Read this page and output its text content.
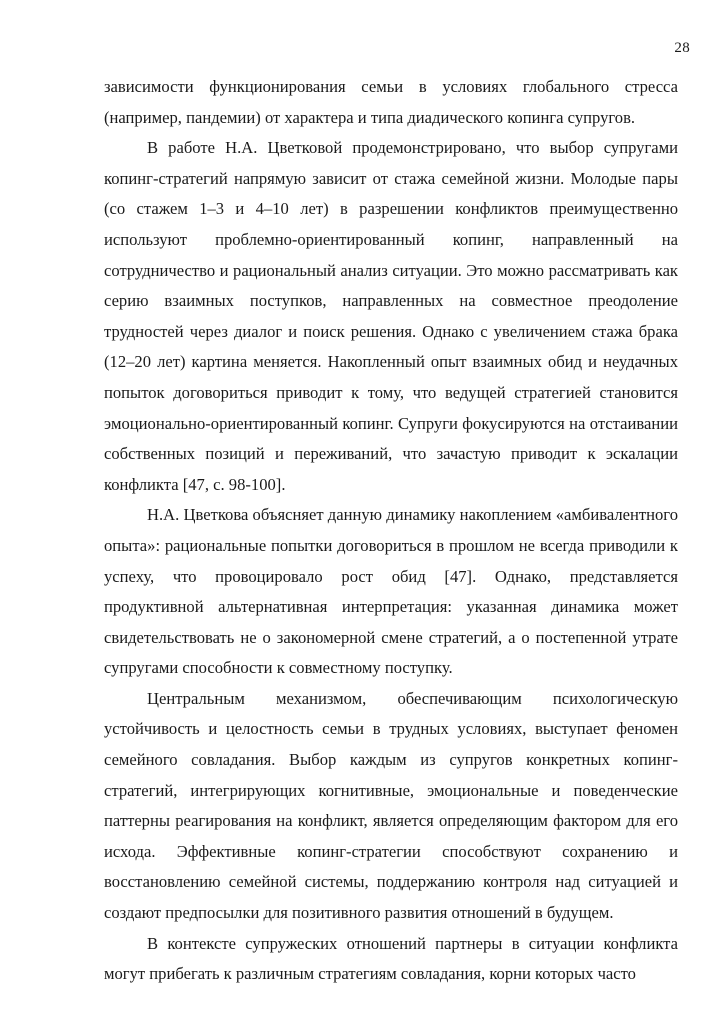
28

зависимости функционирования семьи в условиях глобального стресса (например, пандемии) от характера и типа диадического копинга супругов.

В работе Н.А. Цветковой продемонстрировано, что выбор супругами копинг-стратегий напрямую зависит от стажа семейной жизни. Молодые пары (со стажем 1–3 и 4–10 лет) в разрешении конфликтов преимущественно используют проблемно-ориентированный копинг, направленный на сотрудничество и рациональный анализ ситуации. Это можно рассматривать как серию взаимных поступков, направленных на совместное преодоление трудностей через диалог и поиск решения. Однако с увеличением стажа брака (12–20 лет) картина меняется. Накопленный опыт взаимных обид и неудачных попыток договориться приводит к тому, что ведущей стратегией становится эмоционально-ориентированный копинг. Супруги фокусируются на отстаивании собственных позиций и переживаний, что зачастую приводит к эскалации конфликта [47, с. 98-100].

Н.А. Цветкова объясняет данную динамику накоплением «амбивалентного опыта»: рациональные попытки договориться в прошлом не всегда приводили к успеху, что провоцировало рост обид [47]. Однако, представляется продуктивной альтернативная интерпретация: указанная динамика может свидетельствовать не о закономерной смене стратегий, а о постепенной утрате супругами способности к совместному поступку.

Центральным механизмом, обеспечивающим психологическую устойчивость и целостность семьи в трудных условиях, выступает феномен семейного совладания. Выбор каждым из супругов конкретных копинг-стратегий, интегрирующих когнитивные, эмоциональные и поведенческие паттерны реагирования на конфликт, является определяющим фактором для его исхода. Эффективные копинг-стратегии способствуют сохранению и восстановлению семейной системы, поддержанию контроля над ситуацией и создают предпосылки для позитивного развития отношений в будущем.

В контексте супружеских отношений партнеры в ситуации конфликта могут прибегать к различным стратегиям совладания, корни которых часто
